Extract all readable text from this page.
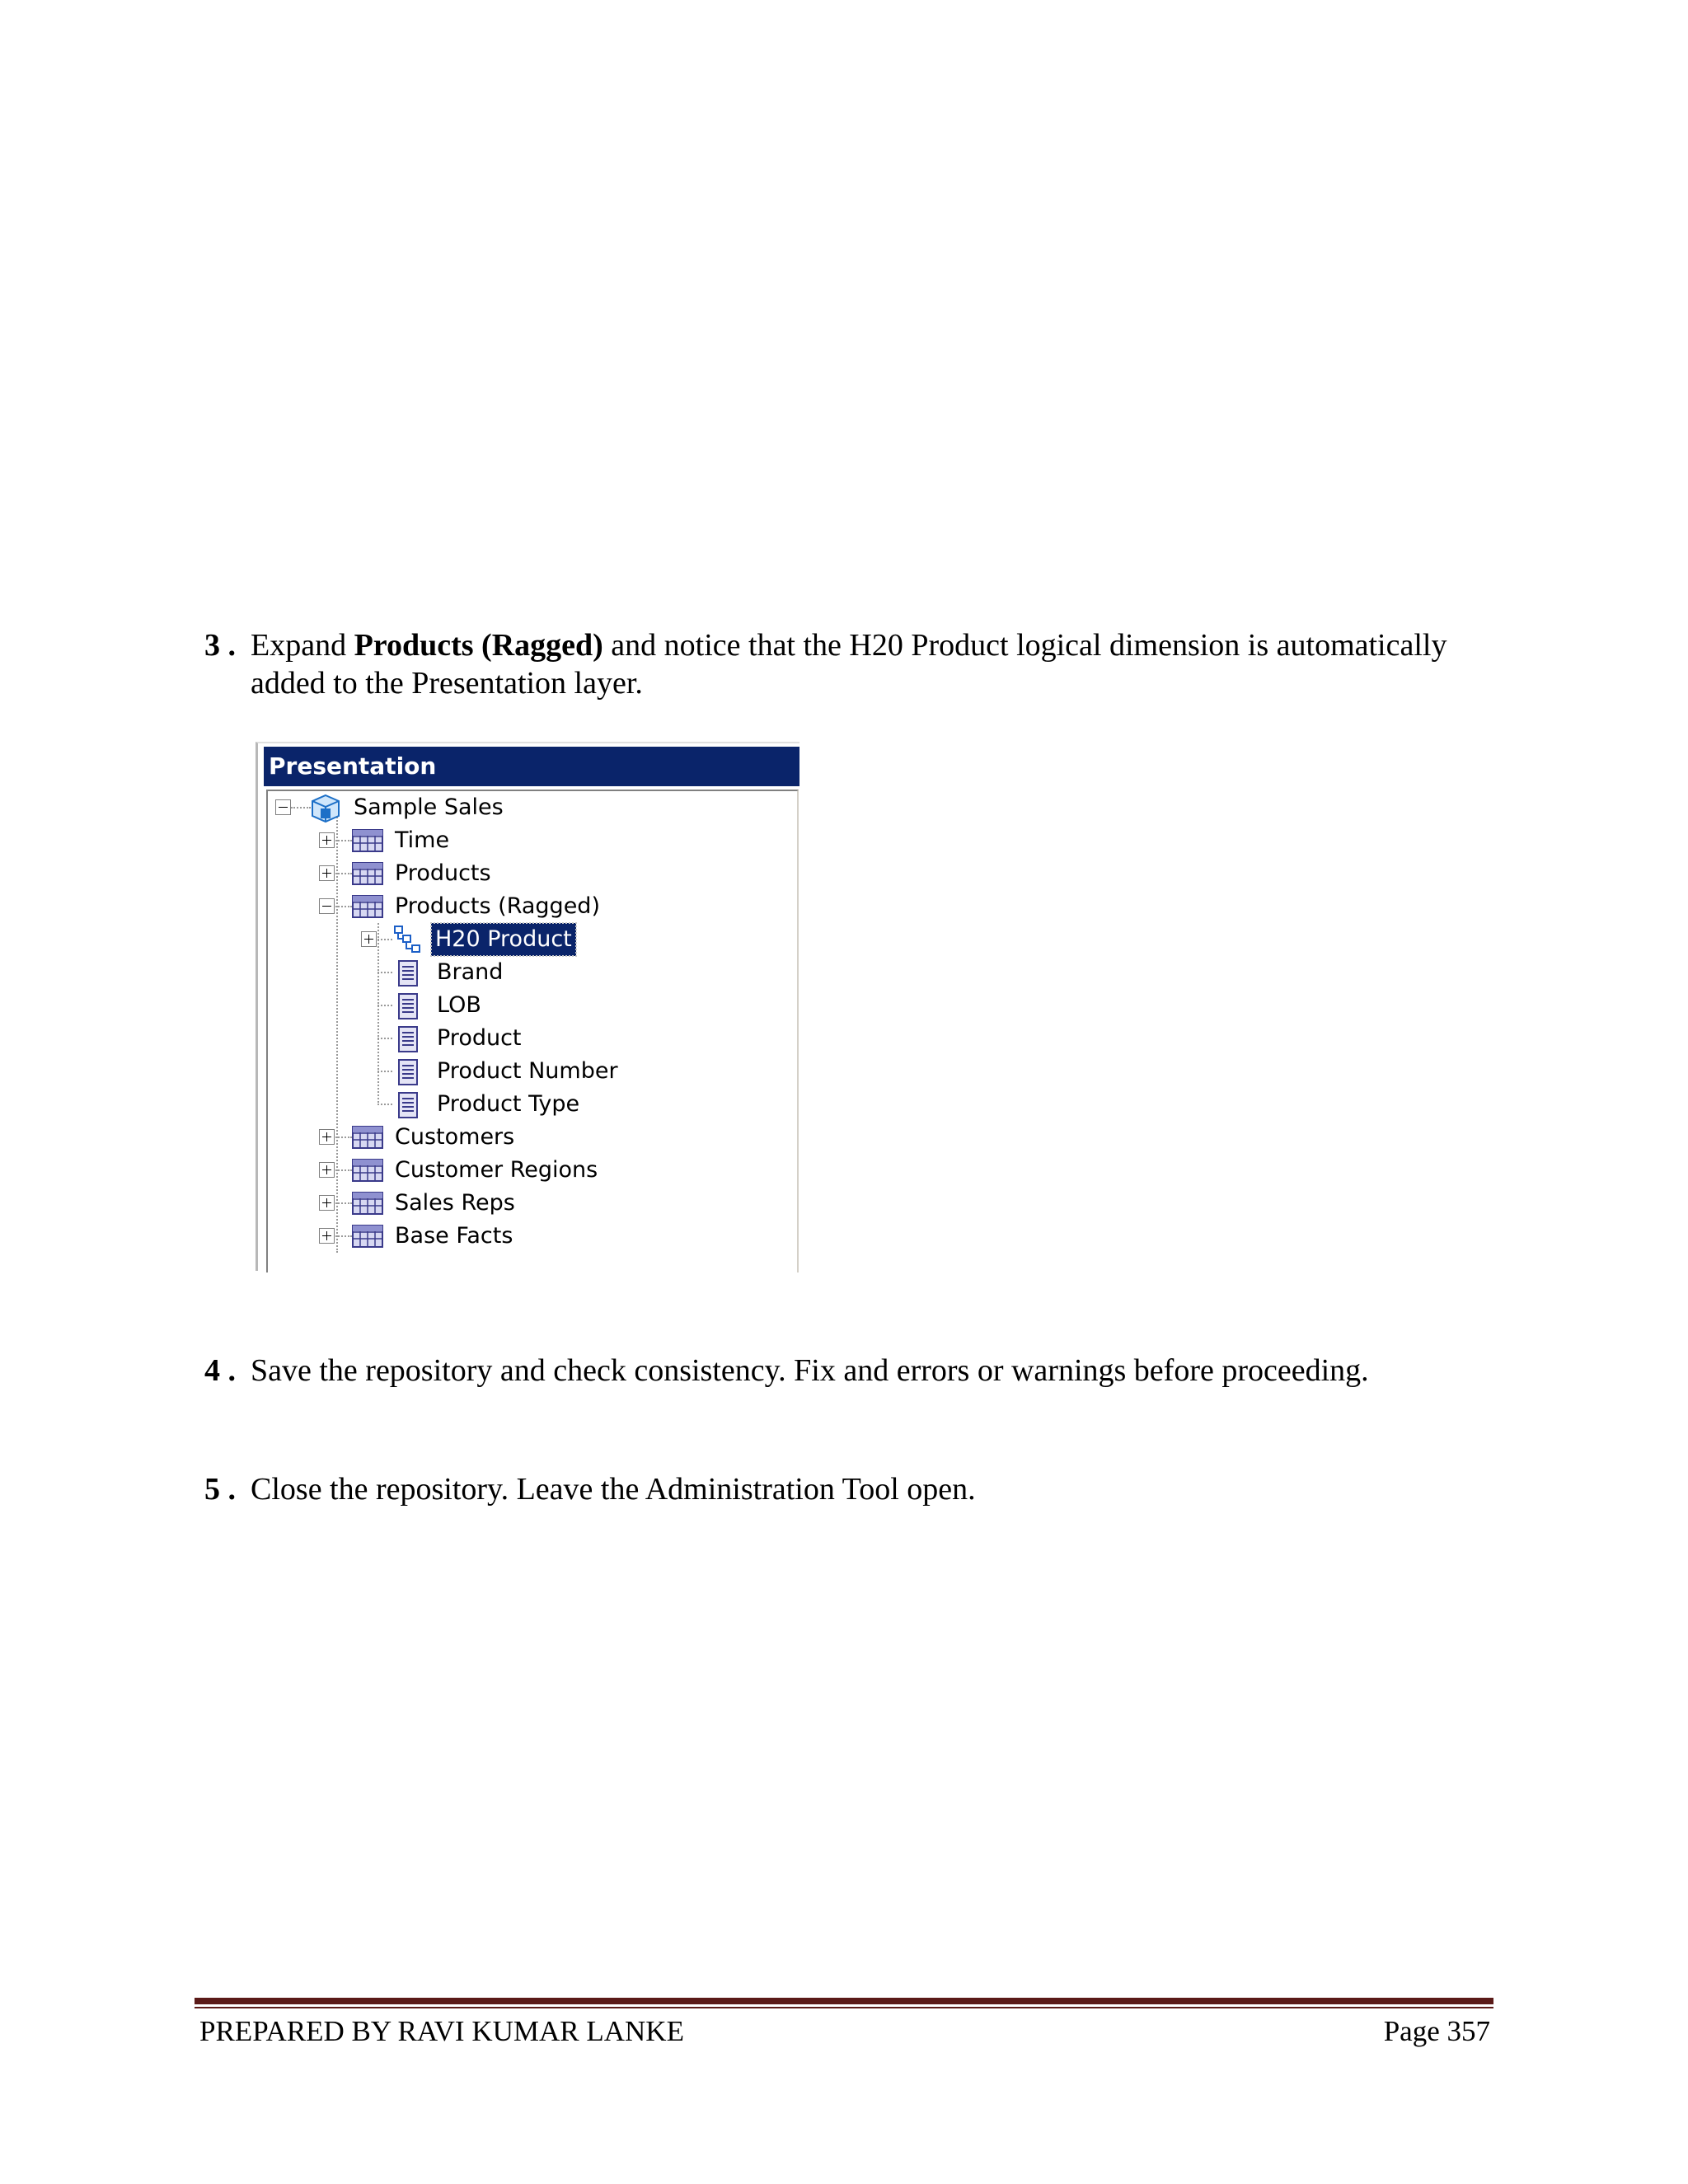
3 . Expand Products (Ragged) and notice that the H20 Product logical dimension is automatically
added to the Presentation layer.
Presentation
Sample Sales
Time
Products
Products (Ragged)
H20 Product
Brand
LOB
Product
Product Number
Product Type
Customers
Customer Regions
Sales Reps
Base Facts
4 . Save the repository and check consistency. Fix and errors or warnings before proceeding.
5 . Close the repository. Leave the Administration Tool open.
PREPARED BY RAVI KUMAR LANKE	Page 357
